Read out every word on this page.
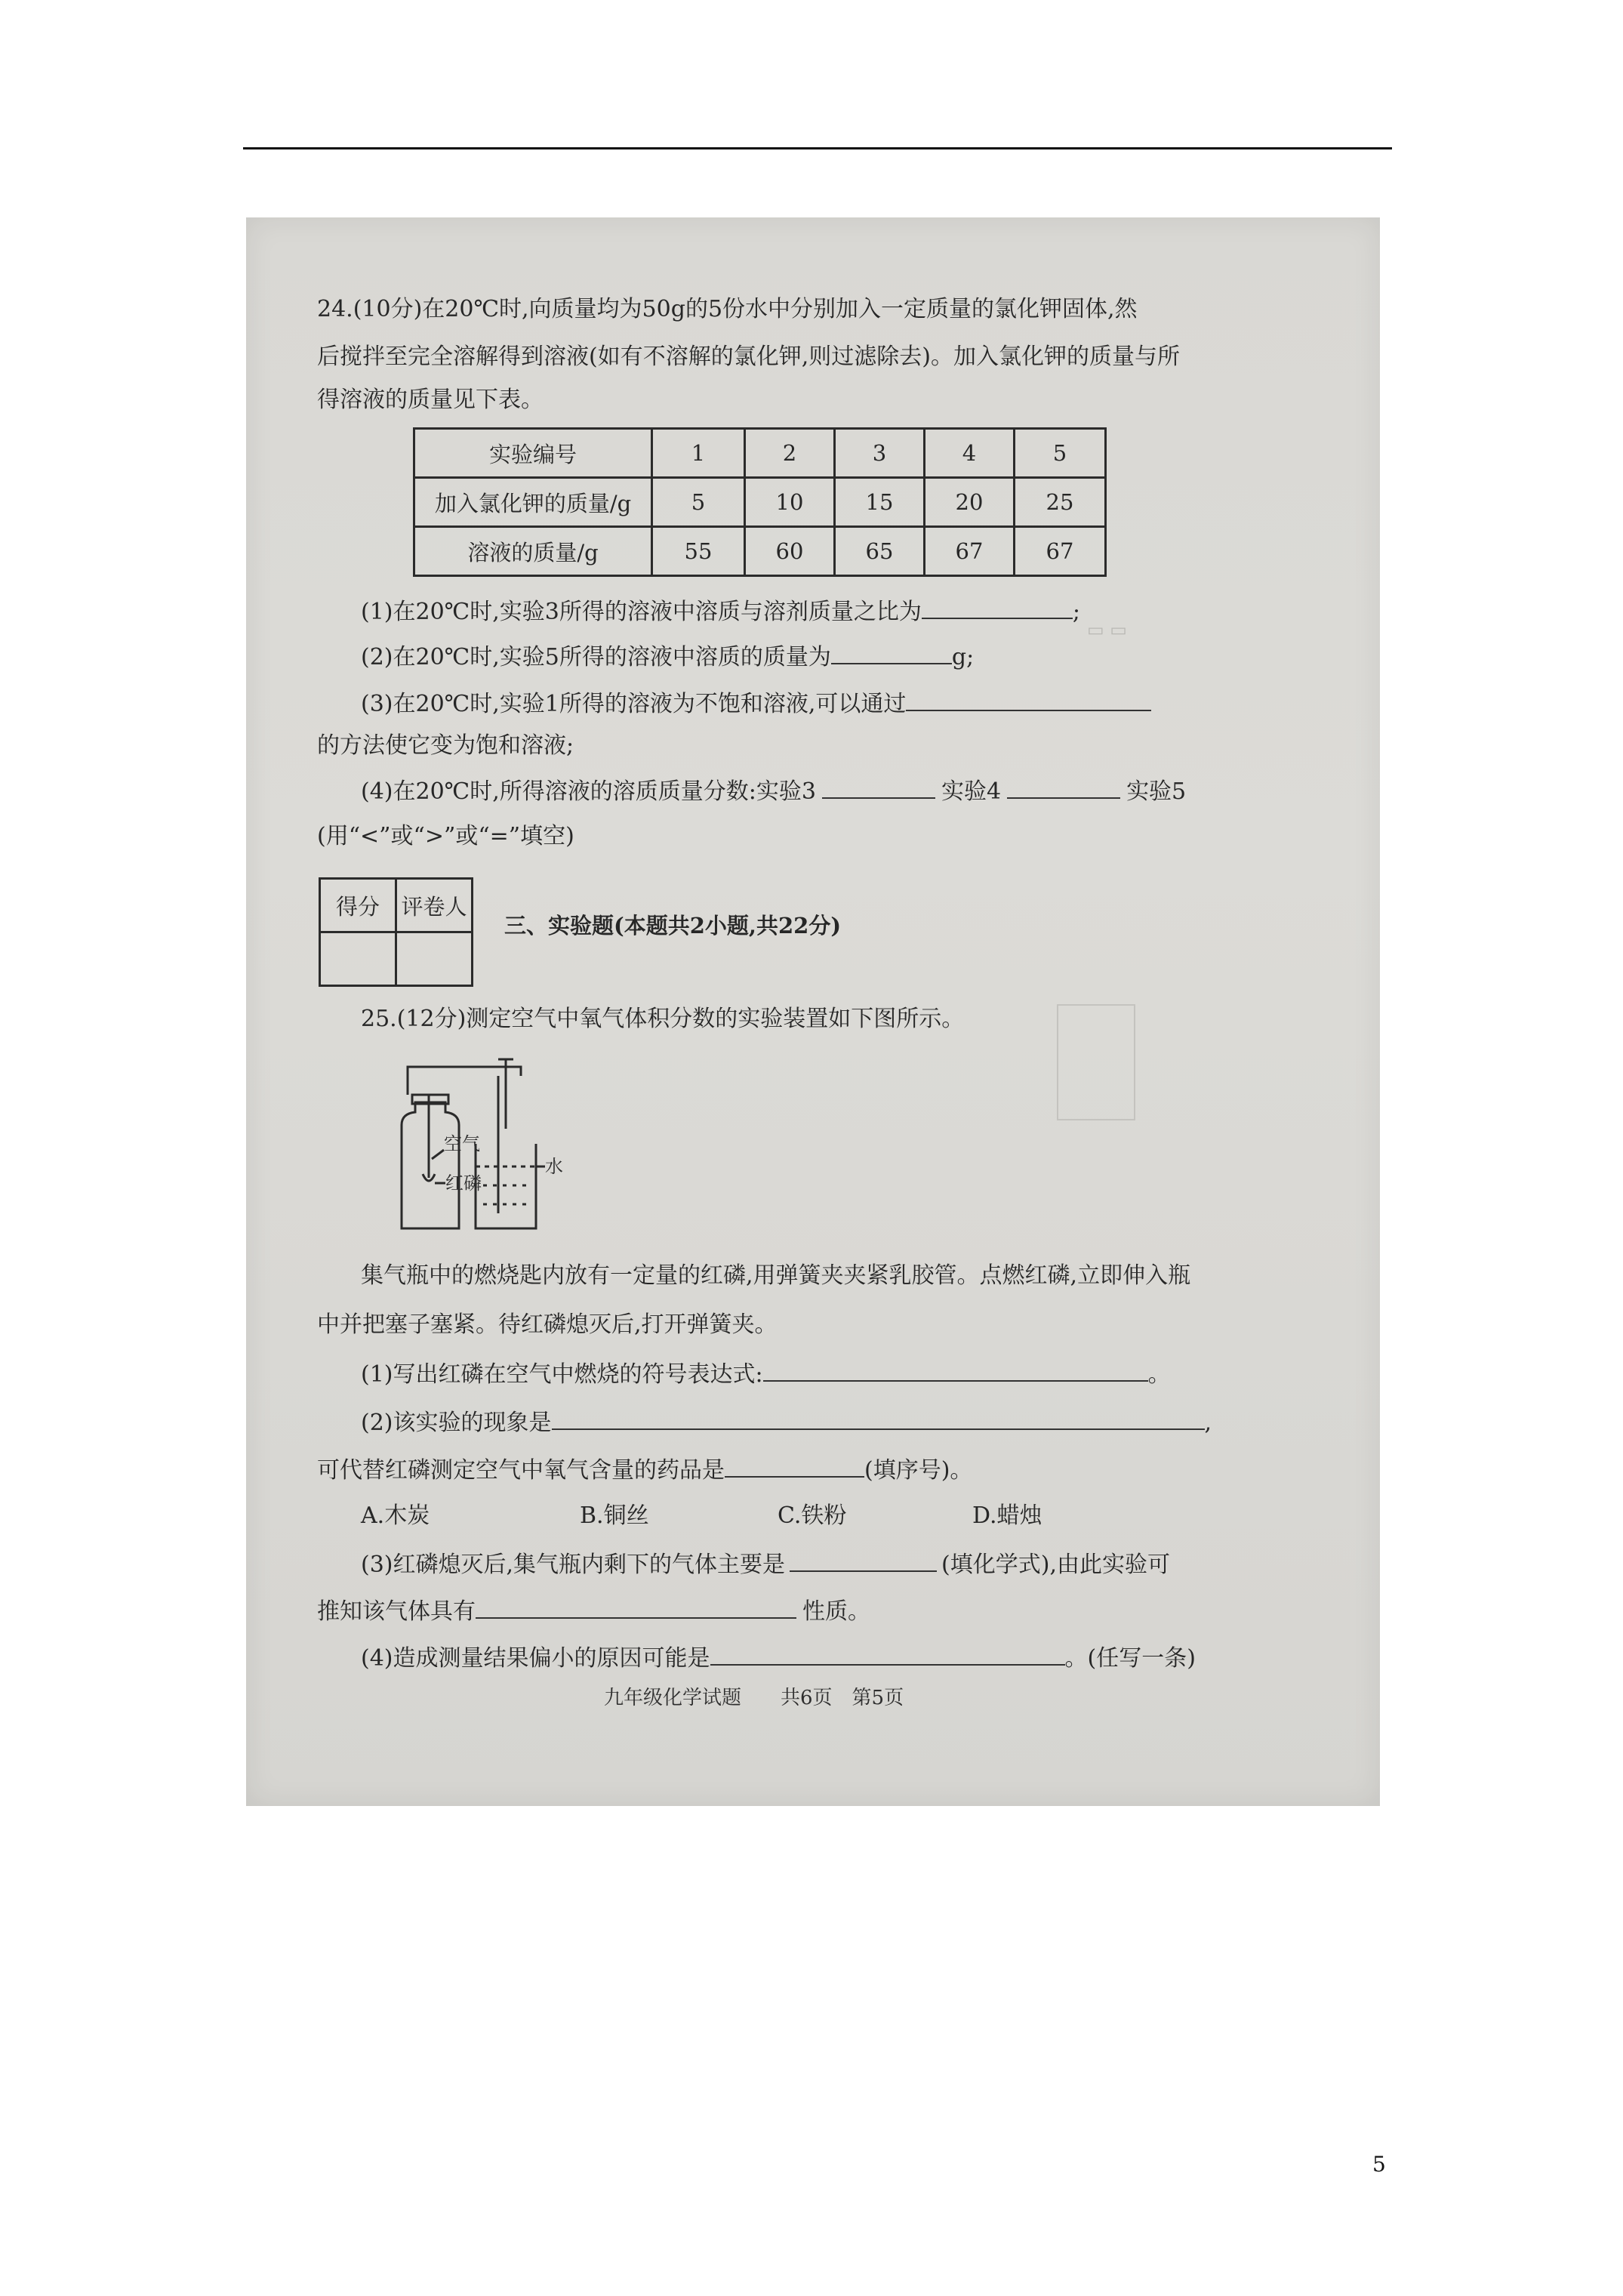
▭ ▭
24.(10分)在20℃时,向质量均为50g的5份水中分别加入一定质量的氯化钾固体,然
后搅拌至完全溶解得到溶液(如有不溶解的氯化钾,则过滤除去)。加入氯化钾的质量与所
得溶液的质量见下表。
实验编号	1	2	3	4	5
加入氯化钾的质量/g	5	10	15	20	25
溶液的质量/g	55	60	65	67	67
(1)在20℃时,实验3所得的溶液中溶质与溶剂质量之比为	;
(2)在20℃时,实验5所得的溶液中溶质的质量为	g;
(3)在20℃时,实验1所得的溶液为不饱和溶液,可以通过
的方法使它变为饱和溶液;
(4)在20℃时,所得溶液的溶质质量分数:实验3	实验4	实验5
(用“<”或“>”或“=”填空)
得分	评卷人

三、实验题(本题共2小题,共22分)
25.(12分)测定空气中氧气体积分数的实验装置如下图所示。
空气
红磷
水
集气瓶中的燃烧匙内放有一定量的红磷,用弹簧夹夹紧乳胶管。点燃红磷,立即伸入瓶
中并把塞子塞紧。待红磷熄灭后,打开弹簧夹。
(1)写出红磷在空气中燃烧的符号表达式:	。
(2)该实验的现象是	,
可代替红磷测定空气中氧气含量的药品是	(填序号)。
A.木炭	B.铜丝	C.铁粉	D.蜡烛
(3)红磷熄灭后,集气瓶内剩下的气体主要是	(填化学式),由此实验可
推知该气体具有	性质。
(4)造成测量结果偏小的原因可能是	。(任写一条)
九年级化学试题　　共6页　第5页
5
